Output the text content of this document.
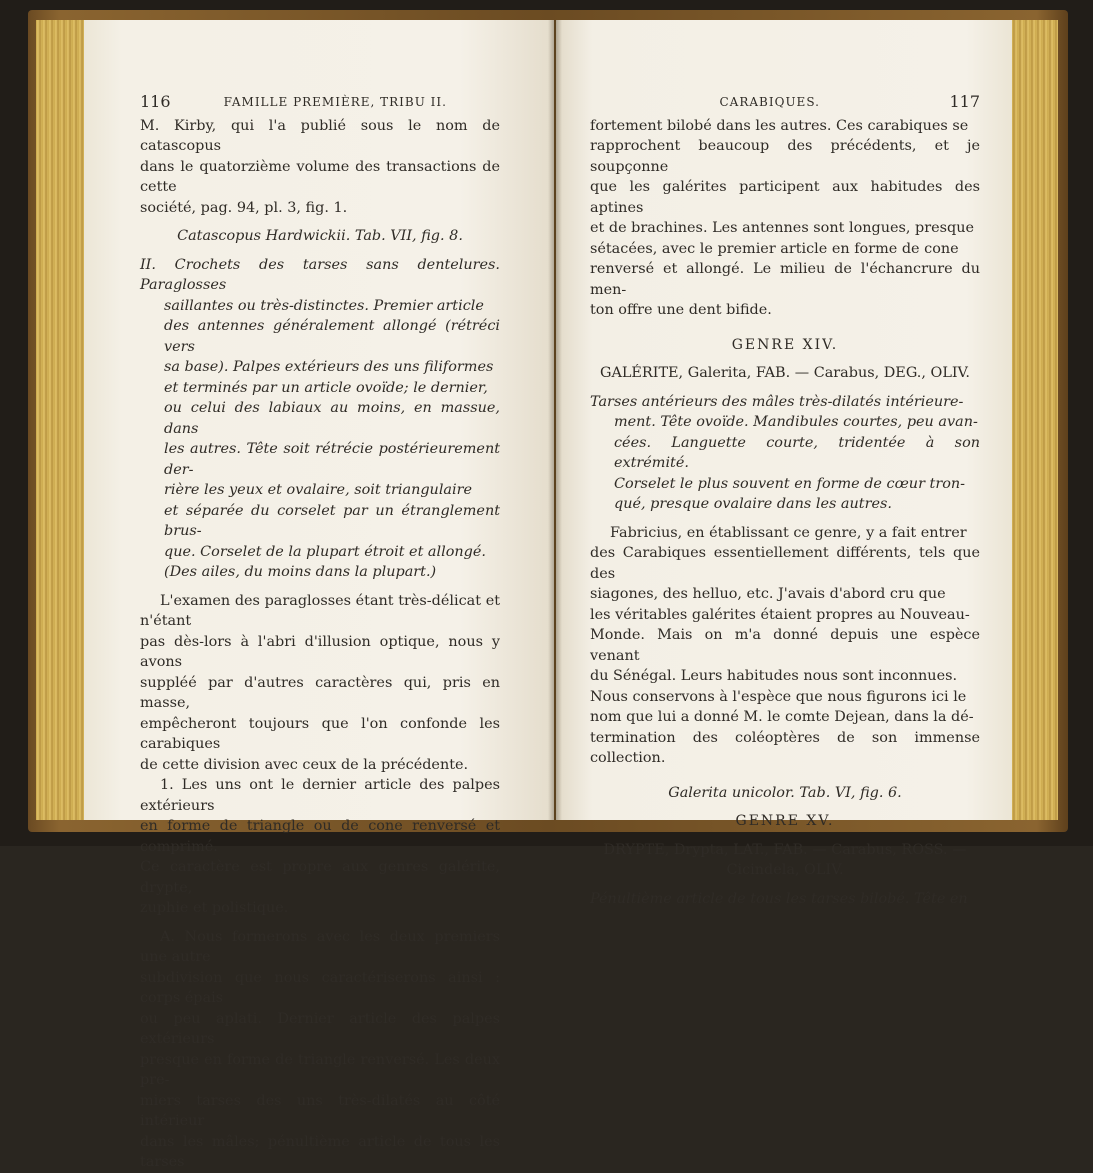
116	FAMILLE PREMIÈRE, TRIBU II.

M. Kirby, qui l'a publié sous le nom de catascopus

dans le quatorzième volume des transactions de cette

société, pag. 94, pl. 3, fig. 1.

Catascopus Hardwickii. Tab. VII, fig. 8.

II. Crochets des tarses sans dentelures. Paraglosses

saillantes ou très-distinctes. Premier article

des antennes généralement allongé (rétréci vers

sa base). Palpes extérieurs des uns filiformes

et terminés par un article ovoïde; le dernier,

ou celui des labiaux au moins, en massue, dans

les autres. Tête soit rétrécie postérieurement der-

rière les yeux et ovalaire, soit triangulaire

et séparée du corselet par un étranglement brus-

que. Corselet de la plupart étroit et allongé.

(Des ailes, du moins dans la plupart.)

L'examen des paraglosses étant très-délicat et n'étant

pas dès-lors à l'abri d'illusion optique, nous y avons

suppléé par d'autres caractères qui, pris en masse,

empêcheront toujours que l'on confonde les carabiques

de cette division avec ceux de la précédente.

1. Les uns ont le dernier article des palpes extérieurs

en forme de triangle ou de cone renversé et comprimé.

Ce caractère est propre aux genres galérite, drypte,

zuphie et polistique.

A. Nous formerons avec les deux premiers une autre

subdivision que nous caractériserons ainsi : corps épais

ou peu aplati. Dernier article des palpes extérieurs

presque en forme de triangle renversé. Les deux pre-

miers tarses des uns très-dilatés au côté intérieur

dans les mâles; pénultième article de tous les tarses

CARABIQUES.	117

fortement bilobé dans les autres. Ces carabiques se

rapprochent beaucoup des précédents, et je soupçonne

que les galérites participent aux habitudes des aptines

et de brachines. Les antennes sont longues, presque

sétacées, avec le premier article en forme de cone

renversé et allongé. Le milieu de l'échancrure du men-

ton offre une dent bifide.

GENRE XIV.

GALÉRITE, Galerita, FAB. — Carabus, DEG., OLIV.

Tarses antérieurs des mâles très-dilatés intérieure-

ment. Tête ovoïde. Mandibules courtes, peu avan-

cées. Languette courte, tridentée à son extrémité.

Corselet le plus souvent en forme de cœur tron-

qué, presque ovalaire dans les autres.

Fabricius, en établissant ce genre, y a fait entrer

des Carabiques essentiellement différents, tels que des

siagones, des helluo, etc. J'avais d'abord cru que

les véritables galérites étaient propres au Nouveau-

Monde. Mais on m'a donné depuis une espèce venant

du Sénégal. Leurs habitudes nous sont inconnues.

Nous conservons à l'espèce que nous figurons ici le

nom que lui a donné M. le comte Dejean, dans la dé-

termination des coléoptères de son immense collection.

Galerita unicolor. Tab. VI, fig. 6.

GENRE XV.

DRYPTE, Drypta, LAT., FAB. — Carabus, ROSS. —

Cicindela, OLIV.

Pénultième article de tous les tarses bilobé. Tête en
